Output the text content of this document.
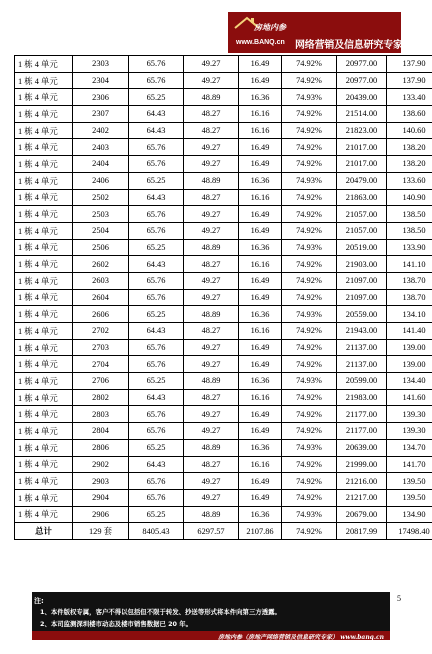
房地内参
www.BANQ.cn 网络营销及信息研究专家
1 栋 4 单元	2303	65.76	49.27	16.49	74.92%	20977.00	137.90
1 栋 4 单元	2304	65.76	49.27	16.49	74.92%	20977.00	137.90
1 栋 4 单元	2306	65.25	48.89	16.36	74.93%	20439.00	133.40
1 栋 4 单元	2307	64.43	48.27	16.16	74.92%	21514.00	138.60
1 栋 4 单元	2402	64.43	48.27	16.16	74.92%	21823.00	140.60
1 栋 4 单元	2403	65.76	49.27	16.49	74.92%	21017.00	138.20
1 栋 4 单元	2404	65.76	49.27	16.49	74.92%	21017.00	138.20
1 栋 4 单元	2406	65.25	48.89	16.36	74.93%	20479.00	133.60
1 栋 4 单元	2502	64.43	48.27	16.16	74.92%	21863.00	140.90
1 栋 4 单元	2503	65.76	49.27	16.49	74.92%	21057.00	138.50
1 栋 4 单元	2504	65.76	49.27	16.49	74.92%	21057.00	138.50
1 栋 4 单元	2506	65.25	48.89	16.36	74.93%	20519.00	133.90
1 栋 4 单元	2602	64.43	48.27	16.16	74.92%	21903.00	141.10
1 栋 4 单元	2603	65.76	49.27	16.49	74.92%	21097.00	138.70
1 栋 4 单元	2604	65.76	49.27	16.49	74.92%	21097.00	138.70
1 栋 4 单元	2606	65.25	48.89	16.36	74.93%	20559.00	134.10
1 栋 4 单元	2702	64.43	48.27	16.16	74.92%	21943.00	141.40
1 栋 4 单元	2703	65.76	49.27	16.49	74.92%	21137.00	139.00
1 栋 4 单元	2704	65.76	49.27	16.49	74.92%	21137.00	139.00
1 栋 4 单元	2706	65.25	48.89	16.36	74.93%	20599.00	134.40
1 栋 4 单元	2802	64.43	48.27	16.16	74.92%	21983.00	141.60
1 栋 4 单元	2803	65.76	49.27	16.49	74.92%	21177.00	139.30
1 栋 4 单元	2804	65.76	49.27	16.49	74.92%	21177.00	139.30
1 栋 4 单元	2806	65.25	48.89	16.36	74.93%	20639.00	134.70
1 栋 4 单元	2902	64.43	48.27	16.16	74.92%	21999.00	141.70
1 栋 4 单元	2903	65.76	49.27	16.49	74.92%	21216.00	139.50
1 栋 4 单元	2904	65.76	49.27	16.49	74.92%	21217.00	139.50
1 栋 4 单元	2906	65.25	48.89	16.36	74.93%	20679.00	134.90
总计	129 套	8405.43	6297.57	2107.86	74.92%	20817.99	17498.40
5
注:
1、本件版权专属，客户不得以包括但不限于转发、抄送等形式将本件向第三方透露。
2、本司监测深圳楼市动态及楼市销售数据已 20 年。
房地内参（房地产网络营销及信息研究专家） www.banq.cn
